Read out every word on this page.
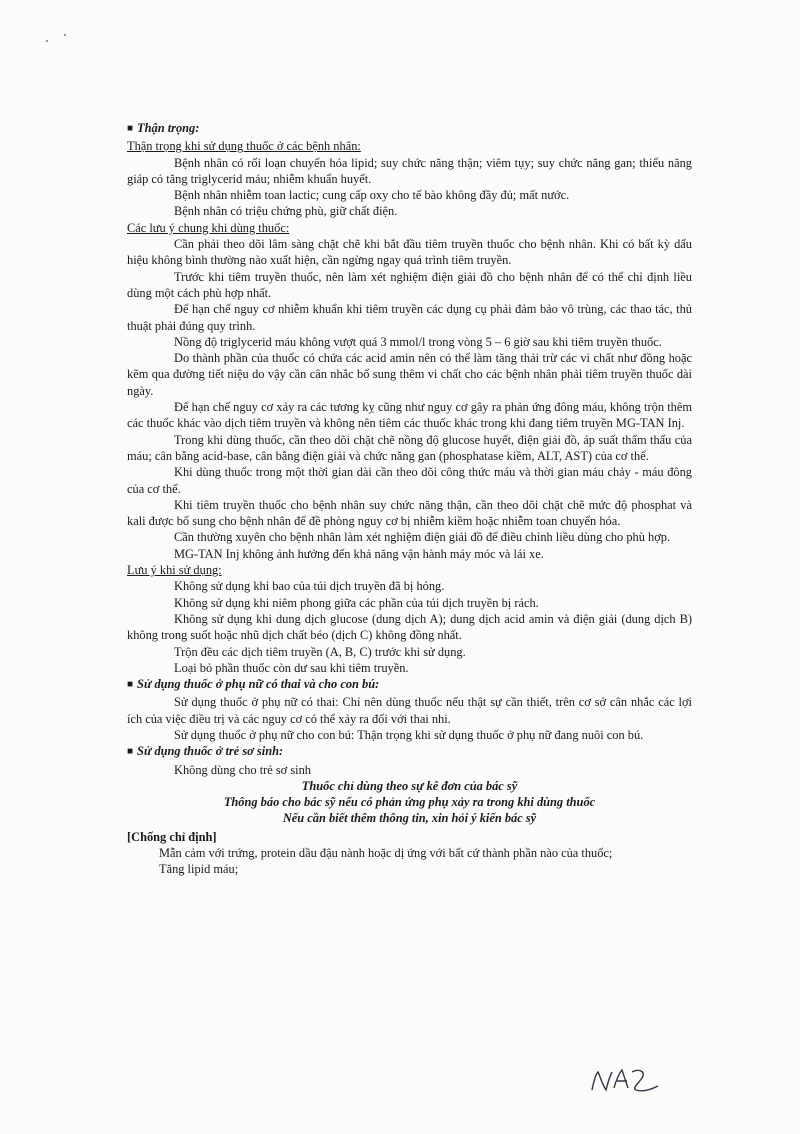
■ Thận trọng:
Thận trọng khi sử dụng thuốc ở các bệnh nhân:
Bệnh nhân có rối loạn chuyển hóa lipid; suy chức năng thận; viêm tụy; suy chức năng gan; thiểu năng giáp có tăng triglycerid máu; nhiễm khuẩn huyết.
Bệnh nhân nhiễm toan lactic; cung cấp oxy cho tế bào không đầy đủ; mất nước.
Bệnh nhân có triệu chứng phù, giữ chất điện.
Các lưu ý chung khi dùng thuốc:
Cần phải theo dõi lâm sàng chặt chẽ khi bắt đầu tiêm truyền thuốc cho bệnh nhân. Khi có bất kỳ dấu hiệu không bình thường nào xuất hiện, cần ngừng ngay quá trình tiêm truyền.
Trước khi tiêm truyền thuốc, nên làm xét nghiệm điện giải đồ cho bệnh nhân để có thể chỉ định liều dùng một cách phù hợp nhất.
Để hạn chế nguy cơ nhiễm khuẩn khi tiêm truyền các dụng cụ phải đảm bảo vô trùng, các thao tác, thủ thuật phải đúng quy trình.
Nồng độ triglycerid máu không vượt quá 3 mmol/l trong vòng 5 – 6 giờ sau khi tiêm truyền thuốc.
Do thành phần của thuốc có chứa các acid amin nên có thể làm tăng thải trừ các vi chất như đồng hoặc kẽm qua đường tiết niệu do vậy cần cân nhắc bổ sung thêm vi chất cho các bệnh nhân phải tiêm truyền thuốc dài ngày.
Để hạn chế nguy cơ xảy ra các tương kỵ cũng như nguy cơ gây ra phản ứng đông máu, không trộn thêm các thuốc khác vào dịch tiêm truyền và không nên tiêm các thuốc khác trong khi đang tiêm truyền MG-TAN Inj.
Trong khi dùng thuốc, cần theo dõi chặt chẽ nồng độ glucose huyết, điện giải đồ, áp suất thẩm thấu của máu; cân bằng acid-base, cân bằng điện giải và chức năng gan (phosphatase kiềm, ALT, AST) của cơ thể.
Khi dùng thuốc trong một thời gian dài cần theo dõi công thức máu và thời gian máu chảy - máu đông của cơ thể.
Khi tiêm truyền thuốc cho bệnh nhân suy chức năng thận, cần theo dõi chặt chẽ mức độ phosphat và kali được bổ sung cho bệnh nhân để đề phòng nguy cơ bị nhiễm kiềm hoặc nhiễm toan chuyển hóa.
Cần thường xuyên cho bệnh nhân làm xét nghiệm điện giải đồ để điều chỉnh liều dùng cho phù hợp.
MG-TAN Inj không ảnh hưởng đến khả năng vận hành máy móc và lái xe.
Lưu ý khi sử dụng:
Không sử dụng khi bao của túi dịch truyền đã bị hỏng.
Không sử dụng khi niêm phong giữa các phần của túi dịch truyền bị rách.
Không sử dụng khi dung dịch glucose (dung dịch A); dung dịch acid amin và điện giải (dung dịch B) không trong suốt hoặc nhũ dịch chất béo (dịch C) không đồng nhất.
Trộn đều các dịch tiêm truyền (A, B, C) trước khi sử dụng.
Loại bỏ phần thuốc còn dư sau khi tiêm truyền.
■ Sử dụng thuốc ở phụ nữ có thai và cho con bú:
Sử dụng thuốc ở phụ nữ có thai: Chỉ nên dùng thuốc nếu thật sự cần thiết, trên cơ sở cân nhắc các lợi ích của việc điều trị và các nguy cơ có thể xảy ra đối với thai nhi.
Sử dụng thuốc ở phụ nữ cho con bú: Thận trọng khi sử dụng thuốc ở phụ nữ đang nuôi con bú.
■ Sử dụng thuốc ở trẻ sơ sinh:
Không dùng cho trẻ sơ sinh
Thuốc chỉ dùng theo sự kê đơn của bác sỹ
Thông báo cho bác sỹ nếu có phản ứng phụ xảy ra trong khi dùng thuốc
Nếu cần biết thêm thông tin, xin hỏi ý kiến bác sỹ
[Chống chỉ định]
Mẫn cảm với trứng, protein dầu đậu nành hoặc dị ứng với bất cứ thành phần nào của thuốc;
Tăng lipid máu;
